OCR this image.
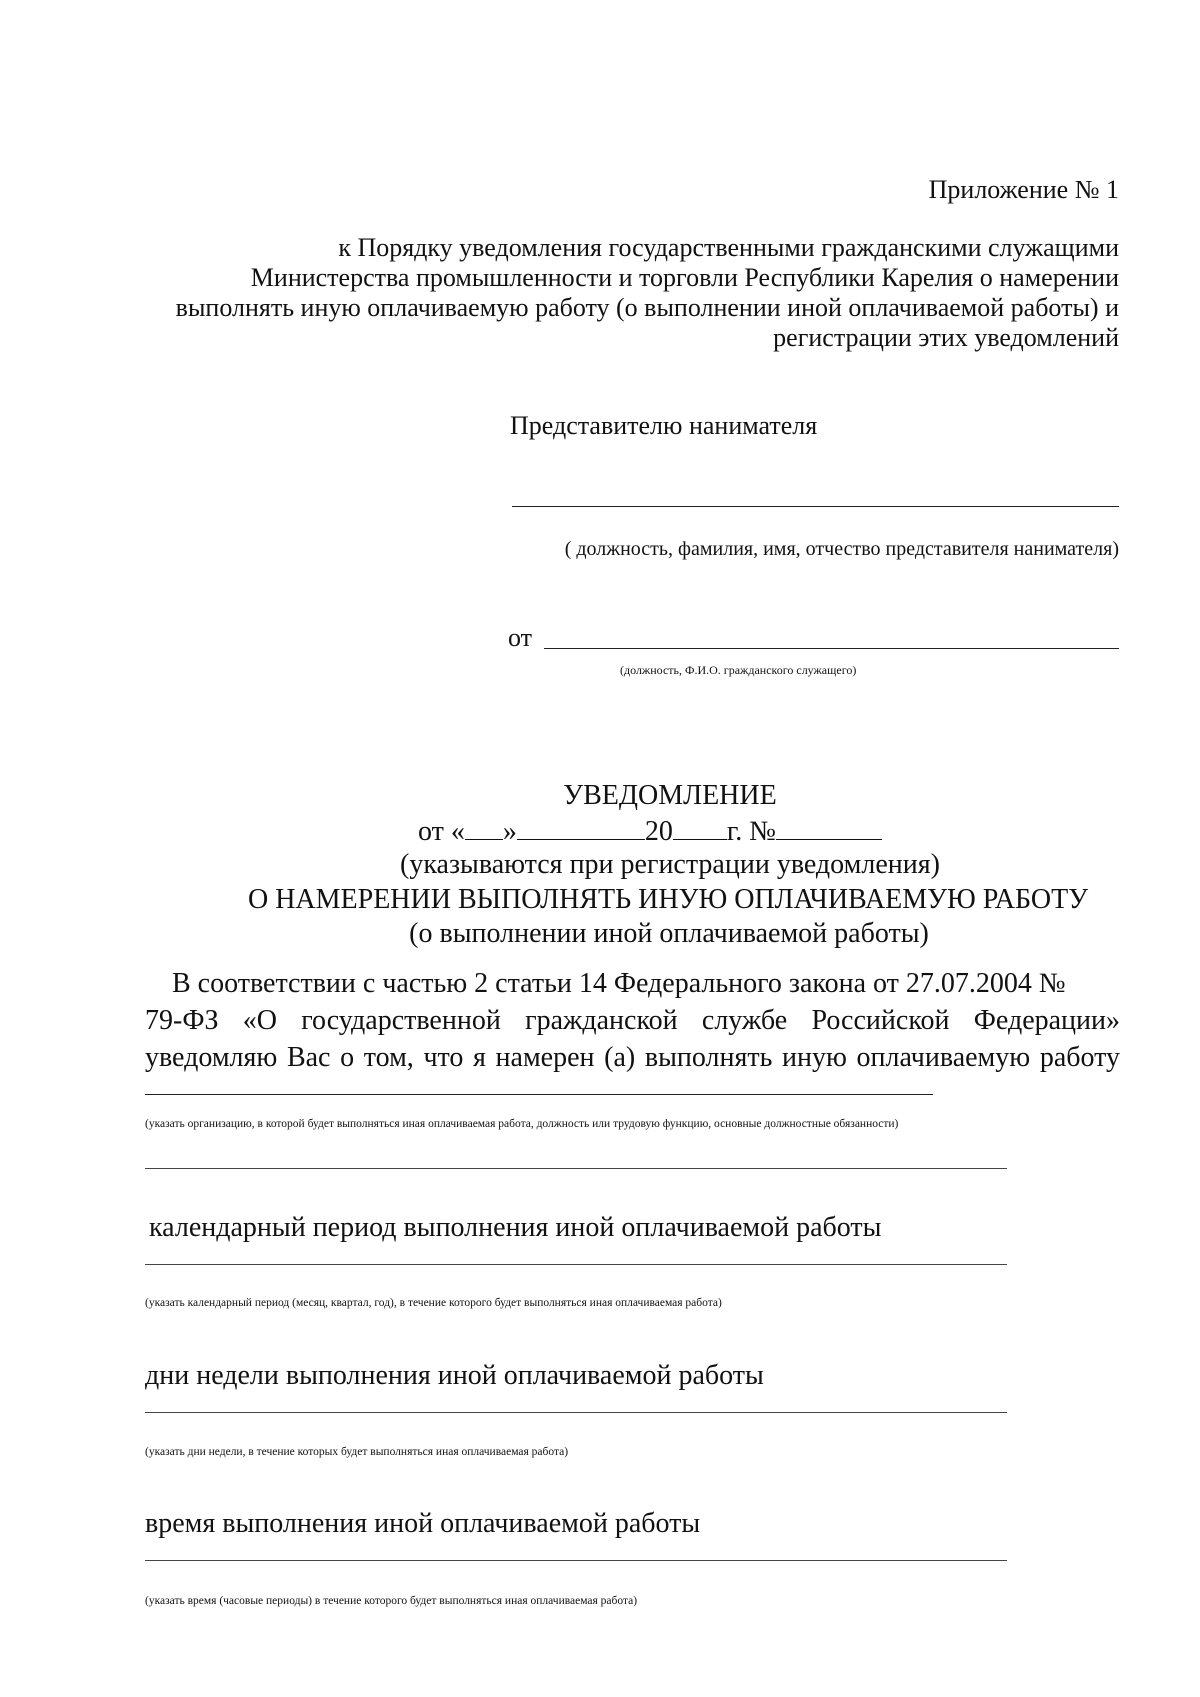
Приложение № 1
к Порядку уведомления государственными гражданскими служащими
Министерства промышленности и торговли Республики Карелия о намерении
выполнять иную оплачиваемую работу (о выполнении иной оплачиваемой работы) и
регистрации этих уведомлений
Представителю нанимателя
( должность, фамилия, имя, отчество представителя нанимателя)
от
(должность, Ф.И.О. гражданского служащего)
УВЕДОМЛЕНИЕ
от « »	20 г. №
(указываются при регистрации уведомления)
О НАМЕРЕНИИ ВЫПОЛНЯТЬ ИНУЮ ОПЛАЧИВАЕМУЮ РАБОТУ
(о выполнении иной оплачиваемой работы)
В соответствии с частью 2 статьи 14 Федерального закона от 27.07.2004 №
79-ФЗ «О государственной гражданской службе Российской Федерации»
уведомляю Вас о том, что я намерен (а) выполнять иную оплачиваемую работу
(указать организацию, в которой будет выполняться иная оплачиваемая работа, должность или трудовую функцию, основные должностные обязанности)
календарный период выполнения иной оплачиваемой работы
(указать календарный период (месяц, квартал, год), в течение которого будет выполняться иная оплачиваемая работа)
дни недели выполнения иной оплачиваемой работы
(указать дни недели, в течение которых будет выполняться иная оплачиваемая работа)
время выполнения иной оплачиваемой работы
(указать время (часовые периоды) в течение которого будет выполняться иная оплачиваемая работа)
